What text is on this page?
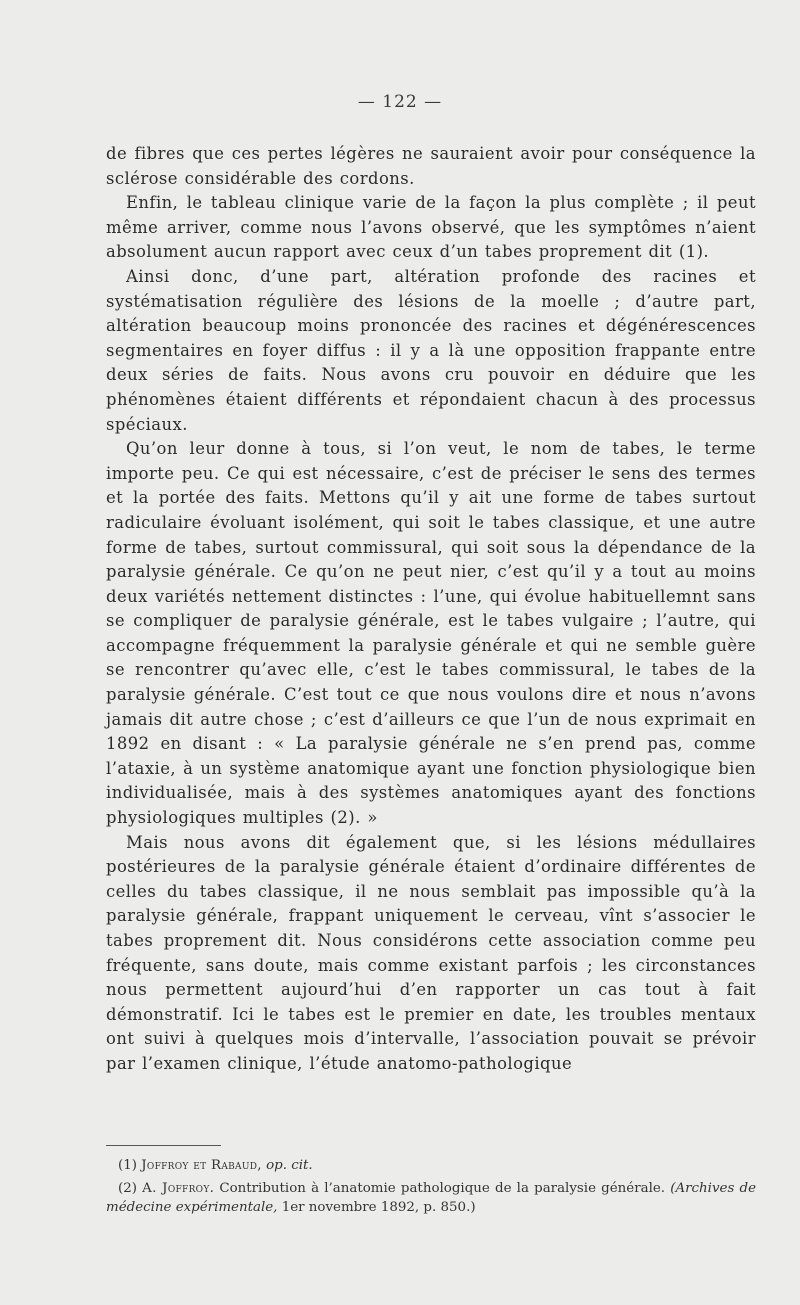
— 122 —

de fibres que ces pertes légères ne sauraient avoir pour conséquence la sclérose considérable des cordons.

Enfin, le tableau clinique varie de la façon la plus complète ; il peut même arriver, comme nous l’avons observé, que les symptômes n’aient absolument aucun rapport avec ceux d’un tabes proprement dit (1).

Ainsi donc, d’une part, altération profonde des racines et systématisation régulière des lésions de la moelle ; d’autre part, altération beaucoup moins prononcée des racines et dégénérescences segmentaires en foyer diffus : il y a là une opposition frappante entre deux séries de faits. Nous avons cru pouvoir en déduire que les phénomènes étaient différents et répondaient chacun à des processus spéciaux.

Qu’on leur donne à tous, si l’on veut, le nom de tabes, le terme importe peu. Ce qui est nécessaire, c’est de préciser le sens des termes et la portée des faits. Mettons qu’il y ait une forme de tabes surtout radiculaire évoluant isolément, qui soit le tabes classique, et une autre forme de tabes, surtout commissural, qui soit sous la dépendance de la paralysie générale. Ce qu’on ne peut nier, c’est qu’il y a tout au moins deux variétés nettement distinctes : l’une, qui évolue habituellemnt sans se compliquer de paralysie générale, est le tabes vulgaire ; l’autre, qui accompagne fréquemment la paralysie générale et qui ne semble guère se rencontrer qu’avec elle, c’est le tabes commissural, le tabes de la paralysie générale. C’est tout ce que nous voulons dire et nous n’avons jamais dit autre chose ; c’est d’ailleurs ce que l’un de nous exprimait en 1892 en disant : « La paralysie générale ne s’en prend pas, comme l’ataxie, à un système anatomique ayant une fonction physiologique bien individualisée, mais à des systèmes anatomiques ayant des fonctions physiologiques multiples (2). »

Mais nous avons dit également que, si les lésions médullaires postérieures de la paralysie générale étaient d’ordinaire différentes de celles du tabes classique, il ne nous semblait pas impossible qu’à la paralysie générale, frappant uniquement le cerveau, vînt s’associer le tabes proprement dit. Nous considérons cette association comme peu fréquente, sans doute, mais comme existant parfois ; les circonstances nous permettent aujourd’hui d’en rapporter un cas tout à fait démonstratif. Ici le tabes est le premier en date, les troubles mentaux ont suivi à quelques mois d’intervalle, l’association pouvait se prévoir par l’examen clinique, l’étude anatomo-pathologique

(1) Joffroy et Rabaud, op. cit.

(2) A. Joffroy. Contribution à l’anatomie pathologique de la paralysie générale. (Archives de médecine expérimentale, 1er novembre 1892, p. 850.)
